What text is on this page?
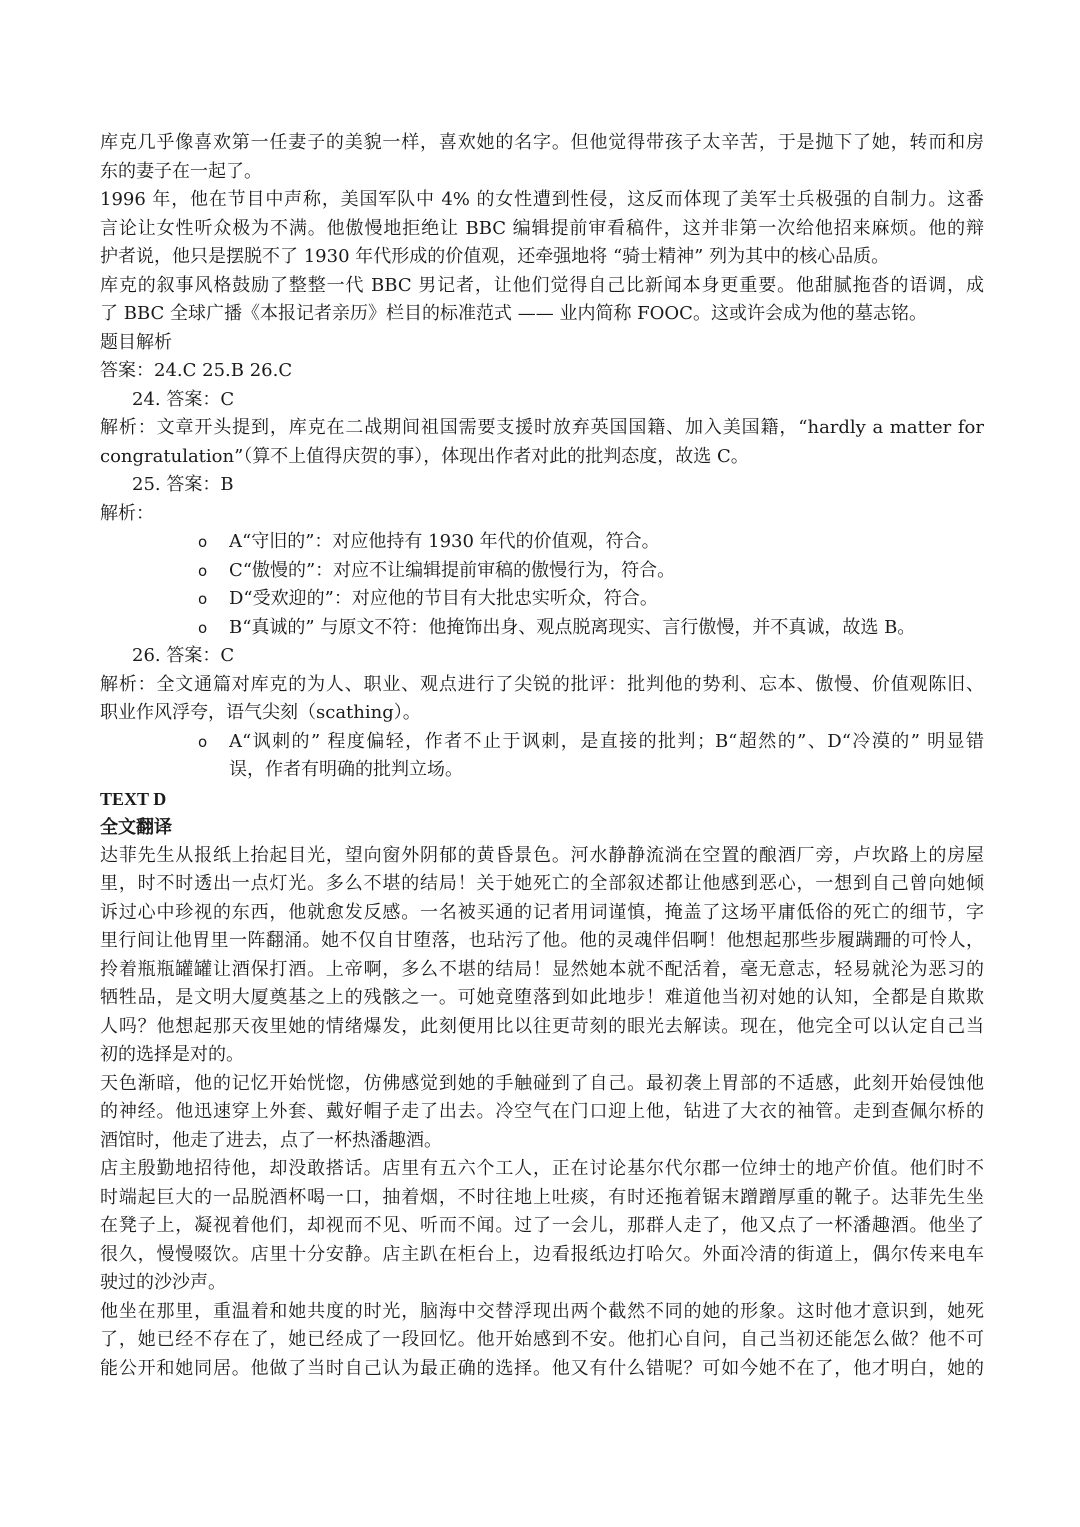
库克几乎像喜欢第一任妻子的美貌一样，喜欢她的名字。但他觉得带孩子太辛苦，于是抛下了她，转而和房
东的妻子在一起了。
1996 年，他在节目中声称，美国军队中 4% 的女性遭到性侵，这反而体现了美军士兵极强的自制力。这番
言论让女性听众极为不满。他傲慢地拒绝让 BBC 编辑提前审看稿件，这并非第一次给他招来麻烦。他的辩
护者说，他只是摆脱不了 1930 年代形成的价值观，还牵强地将 “骑士精神” 列为其中的核心品质。
库克的叙事风格鼓励了整整一代 BBC 男记者，让他们觉得自己比新闻本身更重要。他甜腻拖沓的语调，成
了 BBC 全球广播《本报记者亲历》栏目的标准范式 —— 业内简称 FOOC。这或许会成为他的墓志铭。
题目解析
答案：24.C 25.B 26.C
24. 答案：C
解析：文章开头提到，库克在二战期间祖国需要支援时放弃英国国籍、加入美国籍，“hardly a matter for
congratulation”（算不上值得庆贺的事），体现出作者对此的批判态度，故选 C。
25. 答案：B
解析：
o A“守旧的”：对应他持有 1930 年代的价值观，符合。
o C“傲慢的”：对应不让编辑提前审稿的傲慢行为，符合。
o D“受欢迎的”：对应他的节目有大批忠实听众，符合。
o B“真诚的” 与原文不符：他掩饰出身、观点脱离现实、言行傲慢，并不真诚，故选 B。
26. 答案：C
解析：全文通篇对库克的为人、职业、观点进行了尖锐的批评：批判他的势利、忘本、傲慢、价值观陈旧、
职业作风浮夸，语气尖刻（scathing）。
o A“讽刺的” 程度偏轻，作者不止于讽刺，是直接的批判；B“超然的”、D“冷漠的” 明显错
误，作者有明确的批判立场。
TEXT D
全文翻译
达菲先生从报纸上抬起目光，望向窗外阴郁的黄昏景色。河水静静流淌在空置的酿酒厂旁，卢坎路上的房屋
里，时不时透出一点灯光。多么不堪的结局！关于她死亡的全部叙述都让他感到恶心，一想到自己曾向她倾
诉过心中珍视的东西，他就愈发反感。一名被买通的记者用词谨慎，掩盖了这场平庸低俗的死亡的细节，字
里行间让他胃里一阵翻涌。她不仅自甘堕落，也玷污了他。他的灵魂伴侣啊！他想起那些步履蹒跚的可怜人，
拎着瓶瓶罐罐让酒保打酒。上帝啊，多么不堪的结局！显然她本就不配活着，毫无意志，轻易就沦为恶习的
牺牲品，是文明大厦奠基之上的残骸之一。可她竟堕落到如此地步！难道他当初对她的认知，全都是自欺欺
人吗？他想起那天夜里她的情绪爆发，此刻便用比以往更苛刻的眼光去解读。现在，他完全可以认定自己当
初的选择是对的。
天色渐暗，他的记忆开始恍惚，仿佛感觉到她的手触碰到了自己。最初袭上胃部的不适感，此刻开始侵蚀他
的神经。他迅速穿上外套、戴好帽子走了出去。冷空气在门口迎上他，钻进了大衣的袖管。走到查佩尔桥的
酒馆时，他走了进去，点了一杯热潘趣酒。
店主殷勤地招待他，却没敢搭话。店里有五六个工人，正在讨论基尔代尔郡一位绅士的地产价值。他们时不
时端起巨大的一品脱酒杯喝一口，抽着烟，不时往地上吐痰，有时还拖着锯末蹭蹭厚重的靴子。达菲先生坐
在凳子上，凝视着他们，却视而不见、听而不闻。过了一会儿，那群人走了，他又点了一杯潘趣酒。他坐了
很久，慢慢啜饮。店里十分安静。店主趴在柜台上，边看报纸边打哈欠。外面冷清的街道上，偶尔传来电车
驶过的沙沙声。
他坐在那里，重温着和她共度的时光，脑海中交替浮现出两个截然不同的她的形象。这时他才意识到，她死
了，她已经不存在了，她已经成了一段回忆。他开始感到不安。他扪心自问，自己当初还能怎么做？他不可
能公开和她同居。他做了当时自己认为最正确的选择。他又有什么错呢？可如今她不在了，他才明白，她的
